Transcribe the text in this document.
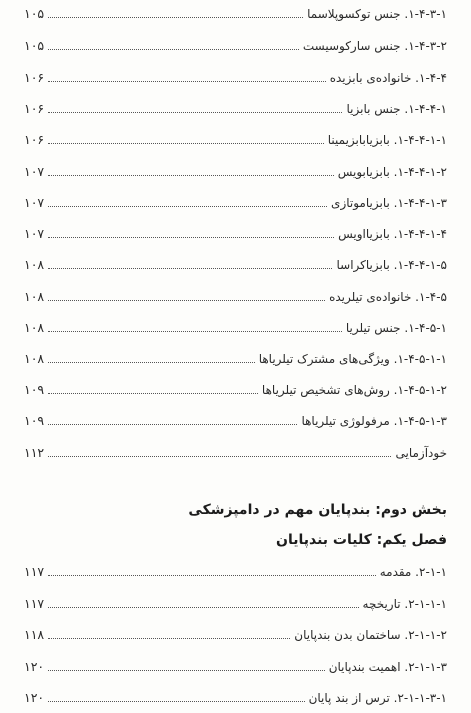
۱-۴-۳-۱. جنس توکسوپلاسما
۱۰۵
۱-۴-۳-۲. جنس سارکوسیست
۱۰۵
۱-۴-۴. خانواده‌ی بابزیده
۱۰۶
۱-۴-۴-۱. جنس بابزیا
۱۰۶
۱-۴-۴-۱-۱. بابزیابابزیمینا
۱۰۶
۱-۴-۴-۱-۲. بابزیابویس
۱۰۷
۱-۴-۴-۱-۳. بابزیاموتازی
۱۰۷
۱-۴-۴-۱-۴. بابزیااویس
۱۰۷
۱-۴-۴-۱-۵. بابزیاکراسا
۱۰۸
۱-۴-۵. خانواده‌ی تیلریده
۱۰۸
۱-۴-۵-۱. جنس تیلریا
۱۰۸
۱-۴-۵-۱-۱. ویژگی‌های مشترک تیلریاها
۱۰۸
۱-۴-۵-۱-۲. روش‌های تشخیص تیلریاها
۱۰۹
۱-۴-۵-۱-۳. مرفولوژی تیلریاها
۱۰۹
خودآزمایی
۱۱۲
بخش دوم: بندپایان مهم در دامپزشکی
فصل یکم: کلیات بندپایان
۲-۱-۱. مقدمه
۱۱۷
۲-۱-۱-۱. تاریخچه
۱۱۷
۲-۱-۱-۲. ساختمان بدن بندپایان
۱۱۸
۲-۱-۱-۳. اهمیت بندپایان
۱۲۰
۲-۱-۱-۳-۱. ترس از بند پایان
۱۲۰
